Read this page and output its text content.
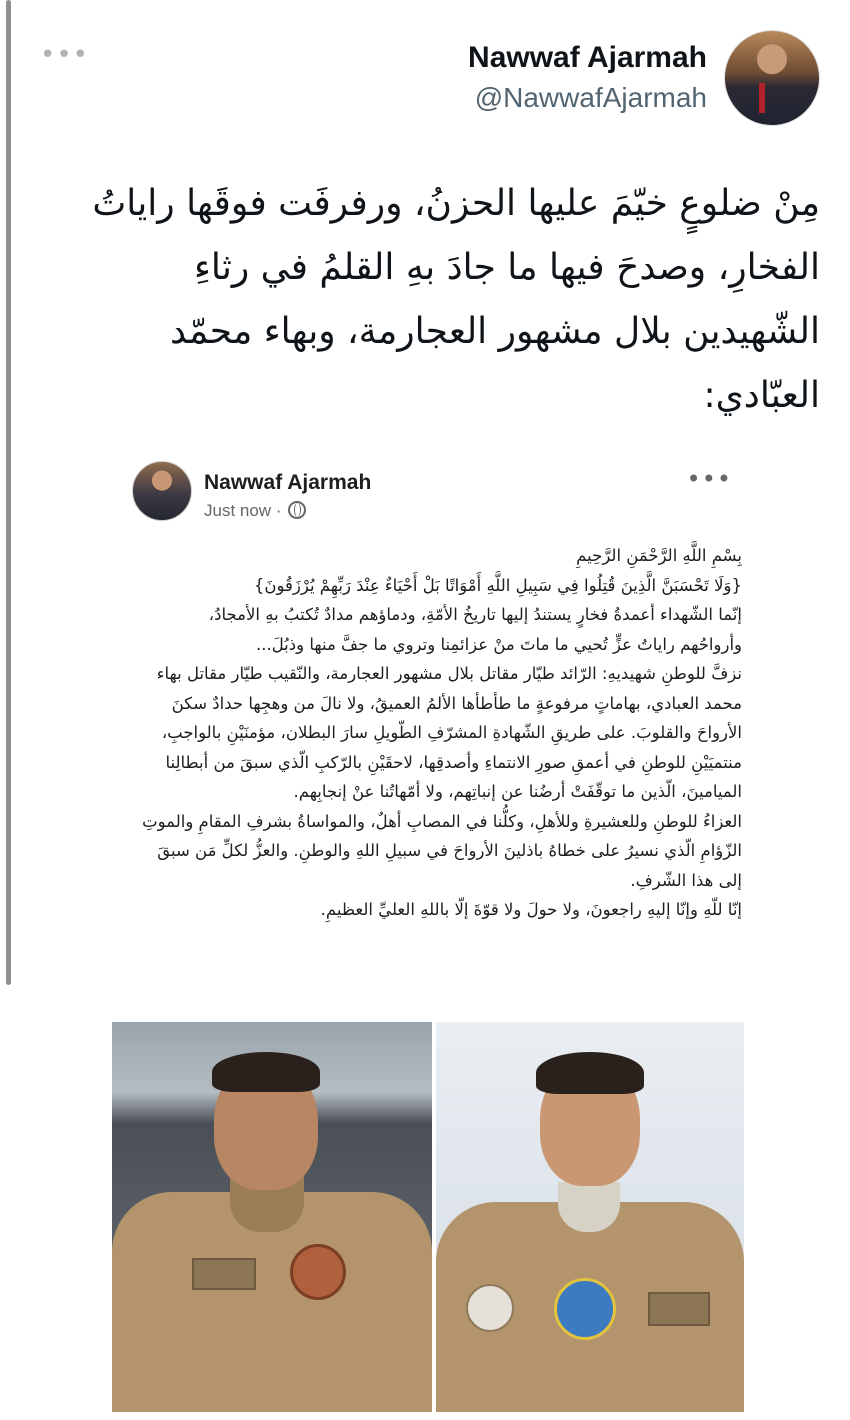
•••	Nawwaf Ajarmah
@NawwafAjarmah
مِنْ ضلوعٍ خيّمَ عليها الحزنُ، ورفرفَت فوقَها راياتُ الفخارِ، وصدحَ فيها ما جادَ بهِ القلمُ في رثاءِ الشّهيدين بلال مشهور العجارمة، وبهاء محمّد العبّادي:
Nawwaf Ajarmah
Just now ·
•••

بِسْمِ اللَّهِ الرَّحْمَنِ الرَّحِيمِ

{وَلَا تَحْسَبَنَّ الَّذِينَ قُتِلُوا فِي سَبِيلِ اللَّهِ أَمْوَاتًا بَلْ أَحْيَاءٌ عِنْدَ رَبِّهِمْ يُرْزَقُونَ}

إنّما الشّهداء أعمدةُ فخارٍ يستندُ إليها تاريخُ الأمّةِ، ودماؤهم مدادٌ تُكتبُ بهِ الأمجادُ، وأرواحُهم راياتُ عزٍّ تُحيي ما ماتَ منْ عزائمِنا وتروي ما جفَّ منها وذبُلَ...

نزفَّ للوطنِ شهيديهِ: الرّائد طيّار مقاتل بلال مشهور العجارمة، والنّقيب طيّار مقاتل بهاء محمد العبادي، بهاماتٍ مرفوعةٍ ما طأطأها الألمُ العميقُ، ولا نالَ من وهجِها حدادٌ سكنَ الأرواحَ والقلوبَ. على طريقِ الشّهادةِ المشرّفِ الطّويلِ سارَ البطلان، مؤمنَيْنِ بالواجبِ، منتميَيْنِ للوطنِ في أعمقِ صورِ الانتماءِ وأصدقِها، لاحقَيْنِ بالرّكبِ الّذي سبقَ من أبطالِنا الميامينَ، الّذين ما توقّفَتْ أرضُنا عن إنباتِهم، ولا أمّهاتُنا عنْ إنجابِهم.

العزاءُ للوطنِ وللعشيرةِ وللأهلِ، وكلُّنا في المصابِ أهلٌ، والمواساةُ بشرفِ المقامِ والموتِ الزّؤامِ الّذي نسيرُ على خطاهُ باذلينَ الأرواحَ في سبيلِ اللهِ والوطنِ. والعزُّ لكلِّ مَن سبقَ إلى هذا الشّرفِ.

إنّا للّهِ وإنّا إليهِ راجعونَ، ولا حولَ ولا قوّةَ إلّا باللهِ العليِّ العظيمِ.
